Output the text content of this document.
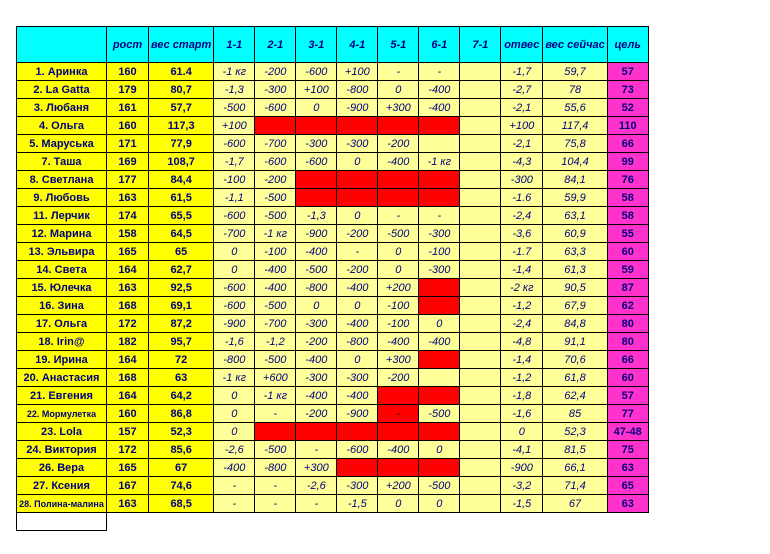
	рост	вес старт	1-1	2-1	3-1	4-1	5-1	6-1	7-1	отвес	вес сейчас	цель
1. Аринка	160	61.4	-1 кг	-200	-600	+100	-	-		-1,7	59,7	57
2. La Gatta	179	80,7	-1,3	-300	+100	-800	0	-400		-2,7	78	73
3. Любаня	161	57,7	-500	-600	0	-900	+300	-400		-2,1	55,6	52
4. Ольга	160	117,3	+100							+100	117,4	110
5. Маруська	171	77,9	-600	-700	-300	-300	-200			-2,1	75,8	66
7. Таша	169	108,7	-1,7	-600	-600	0	-400	-1 кг		-4,3	104,4	99
8. Светлана	177	84,4	-100	-200						-300	84,1	76
9. Любовь	163	61,5	-1,1	-500						-1.6	59,9	58
11. Лерчик	174	65,5	-600	-500	-1,3	0	-	-		-2,4	63,1	58
12. Марина	158	64,5	-700	-1 кг	-900	-200	-500	-300		-3,6	60,9	55
13. Эльвира	165	65	0	-100	-400	-	0	-100		-1.7	63,3	60
14. Света	164	62,7	0	-400	-500	-200	0	-300		-1,4	61,3	59
15. Юлечка	163	92,5	-600	-400	-800	-400	+200			-2 кг	90,5	87
16. Зина	168	69,1	-600	-500	0	0	-100			-1,2	67,9	62
17. Ольга	172	87,2	-900	-700	-300	-400	-100	0		-2,4	84,8	80
18. Irin@	182	95,7	-1,6	-1,2	-200	-800	-400	-400		-4,8	91,1	80
19. Ирина	164	72	-800	-500	-400	0	+300			-1,4	70,6	66
20. Анастасия	168	63	-1 кг	+600	-300	-300	-200			-1,2	61,8	60
21. Евгения	164	64,2	0	-1 кг	-400	-400				-1,8	62,4	57
22. Мормулетка	160	86,8	0	-	-200	-900	-	-500		-1,6	85	77
23. Lola	157	52,3	0							0	52,3	47-48
24. Виктория	172	85,6	-2,6	-500	-	-600	-400	0		-4,1	81,5	75
26. Вера	165	67	-400	-800	+300					-900	66,1	63
27. Ксения	167	74,6	-	-	-2,6	-300	+200	-500		-3,2	71,4	65
28. Полина-малина	163	68,5	-	-	-	-1,5	0	0		-1,5	67	63
